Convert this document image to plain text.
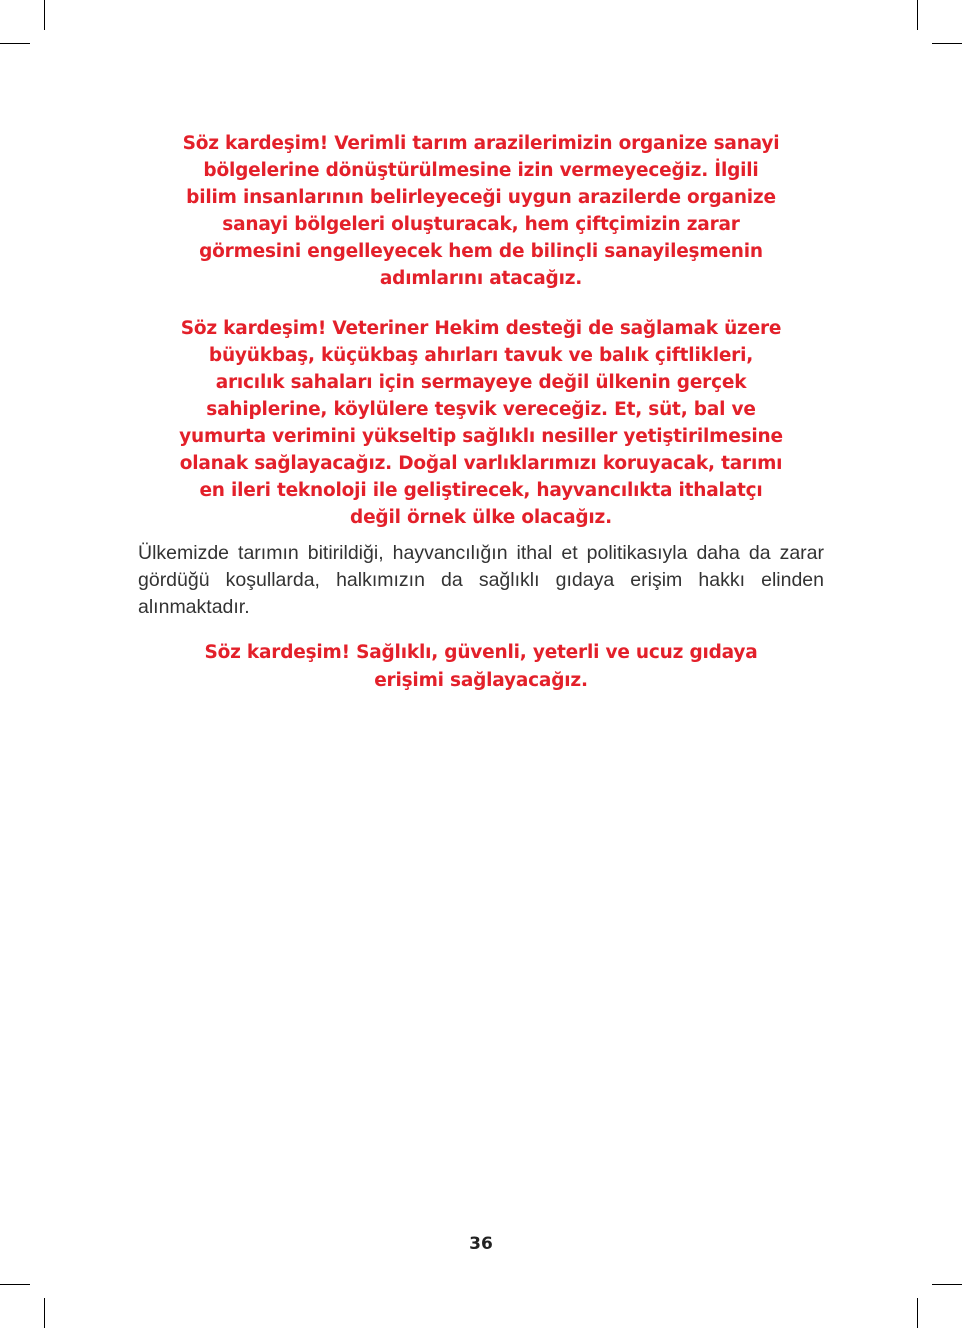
Söz kardeşim! Verimli tarım arazilerimizin organize sanayi bölgelerine dönüştürülmesine izin vermeyeceğiz. İlgili bilim insanlarının belirleyeceği uygun arazilerde organize sanayi bölgeleri oluşturacak, hem çiftçimizin zarar görmesini engelleyecek hem de bilinçli sanayileşmenin adımlarını atacağız.

Söz kardeşim! Veteriner Hekim desteği de sağlamak üzere büyükbaş, küçükbaş ahırları tavuk ve balık çiftlikleri, arıcılık sahaları için sermayeye değil ülkenin gerçek sahiplerine, köylülere teşvik vereceğiz. Et, süt, bal ve yumurta verimini yükseltip sağlıklı nesiller yetiştirilmesine olanak sağlayacağız. Doğal varlıklarımızı koruyacak, tarımı en ileri teknoloji ile geliştirecek, hayvancılıkta ithalatçı değil örnek ülke olacağız.

Ülkemizde tarımın bitirildiği, hayvancılığın ithal et politikasıyla daha da zarar gördüğü koşullarda, halkımızın da sağlıklı gıdaya erişim hakkı elinden alınmaktadır.

Söz kardeşim! Sağlıklı, güvenli, yeterli ve ucuz gıdaya erişimi sağlayacağız.

36
